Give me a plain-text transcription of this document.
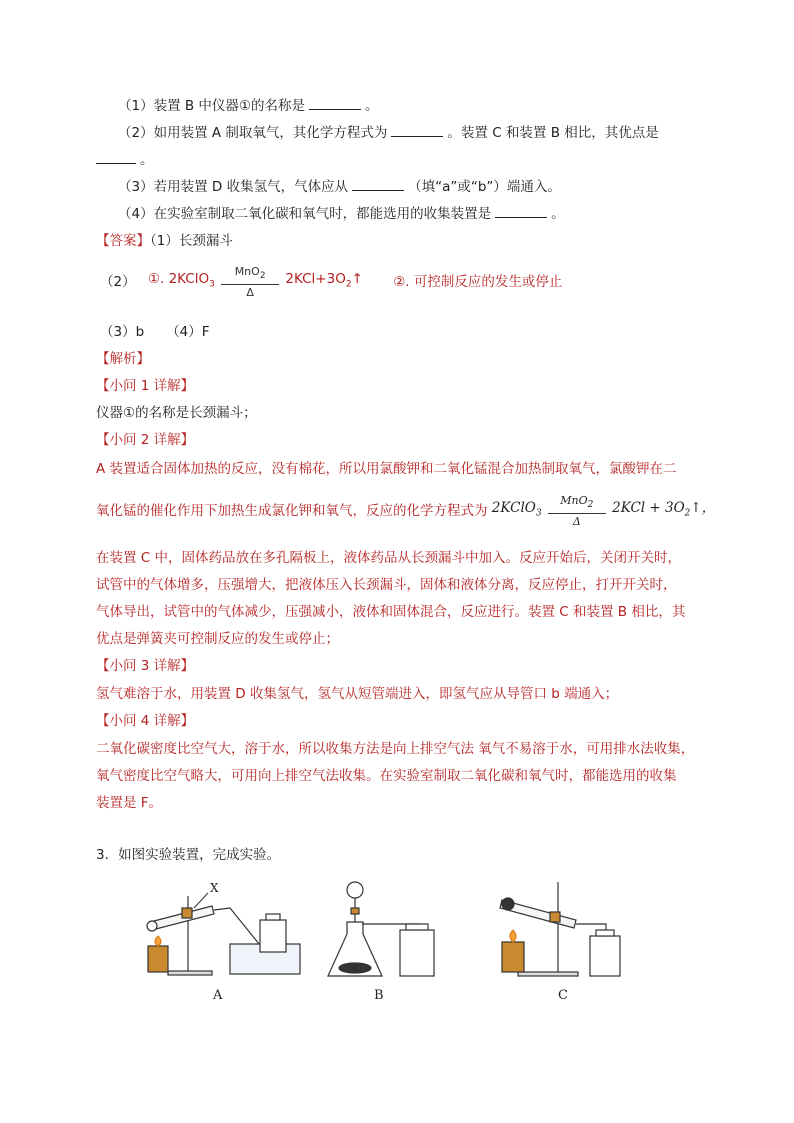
（1）装置 B 中仪器①的名称是	。
（2）如用装置 A 制取氧气，其化学方程式为	。装置 C 和装置 B 相比，其优点是
。
（3）若用装置 D 收集氢气，气体应从	（填“a”或“b”）端通入。
（4）在实验室制取二氧化碳和氧气时，都能选用的收集装置是	。
【答案】（1）长颈漏斗
（2） ①. 2KClO$_3$
MnO$_2$
Δ
$2KCl+3O_2↑$ ②. 可控制反应的发生或停止
（3）b （4）F
【解析】
【小问 1 详解】
仪器①的名称是长颈漏斗；
【小问 2 详解】
A 装置适合固体加热的反应，没有棉花，所以用氯酸钾和二氧化锰混合加热制取氧气，氯酸钾在二
氧化锰的催化作用下加热生成氯化钾和氧气，反应的化学方程式为 2KClO$_3$
MnO$_2$
Δ
$2KCl + 3O_2↑$，
在装置 C 中，固体药品放在多孔隔板上，液体药品从长颈漏斗中加入。反应开始后，关闭开关时，
试管中的气体增多，压强增大，把液体压入长颈漏斗，固体和液体分离，反应停止，打开开关时，
气体导出，试管中的气体减少，压强减小，液体和固体混合，反应进行。装置 C 和装置 B 相比，其
优点是弹簧夹可控制反应的发生或停止；
【小问 3 详解】
氢气难溶于水，用装置 D 收集氢气，氢气从短管端进入，即氢气应从导管口 b 端通入；
【小问 4 详解】
二氧化碳密度比空气大，溶于水，所以收集方法是向上排空气法 氧气不易溶于水，可用排水法收集，
氧气密度比空气略大，可用向上排空气法收集。在实验室制取二氧化碳和氧气时，都能选用的收集
装置是 F。
3．如图实验装置，完成实验。
X
A	B	C
